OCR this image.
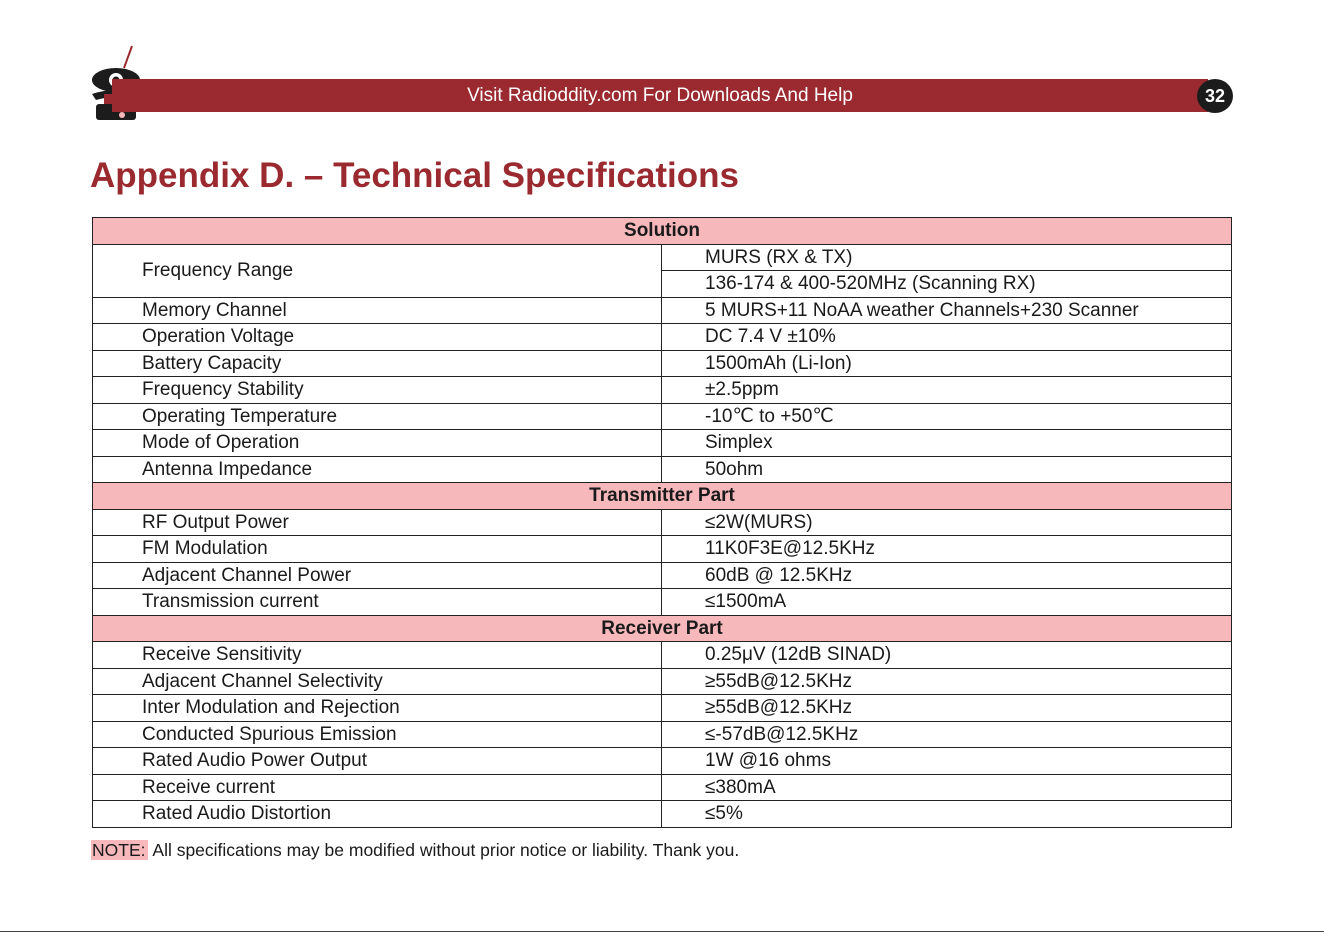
Visit Radioddity.com For Downloads And Help	32
Appendix D. – Technical Specifications
Solution	
Frequency Range	MURS (RX & TX)
	136-174 & 400-520MHz (Scanning RX)
Memory Channel	5 MURS+11 NoAA weather Channels+230 Scanner
Operation Voltage	DC 7.4 V ±10%
Battery Capacity	1500mAh (Li-Ion)
Frequency Stability	±2.5ppm
Operating Temperature	-10℃ to +50℃
Mode of Operation	Simplex
Antenna Impedance	50ohm
Transmitter Part	
RF Output Power	≤2W(MURS)
FM Modulation	11K0F3E@12.5KHz
Adjacent Channel Power	60dB @ 12.5KHz
Transmission current	≤1500mA
Receiver Part	
Receive Sensitivity	0.25μV (12dB SINAD)
Adjacent Channel Selectivity	≥55dB@12.5KHz
Inter Modulation and Rejection	≥55dB@12.5KHz
Conducted Spurious Emission	≤-57dB@12.5KHz
Rated Audio Power Output	1W @16 ohms
Receive current	≤380mA
Rated Audio Distortion	≤5%
NOTE: All specifications may be modified without prior notice or liability. Thank you.
